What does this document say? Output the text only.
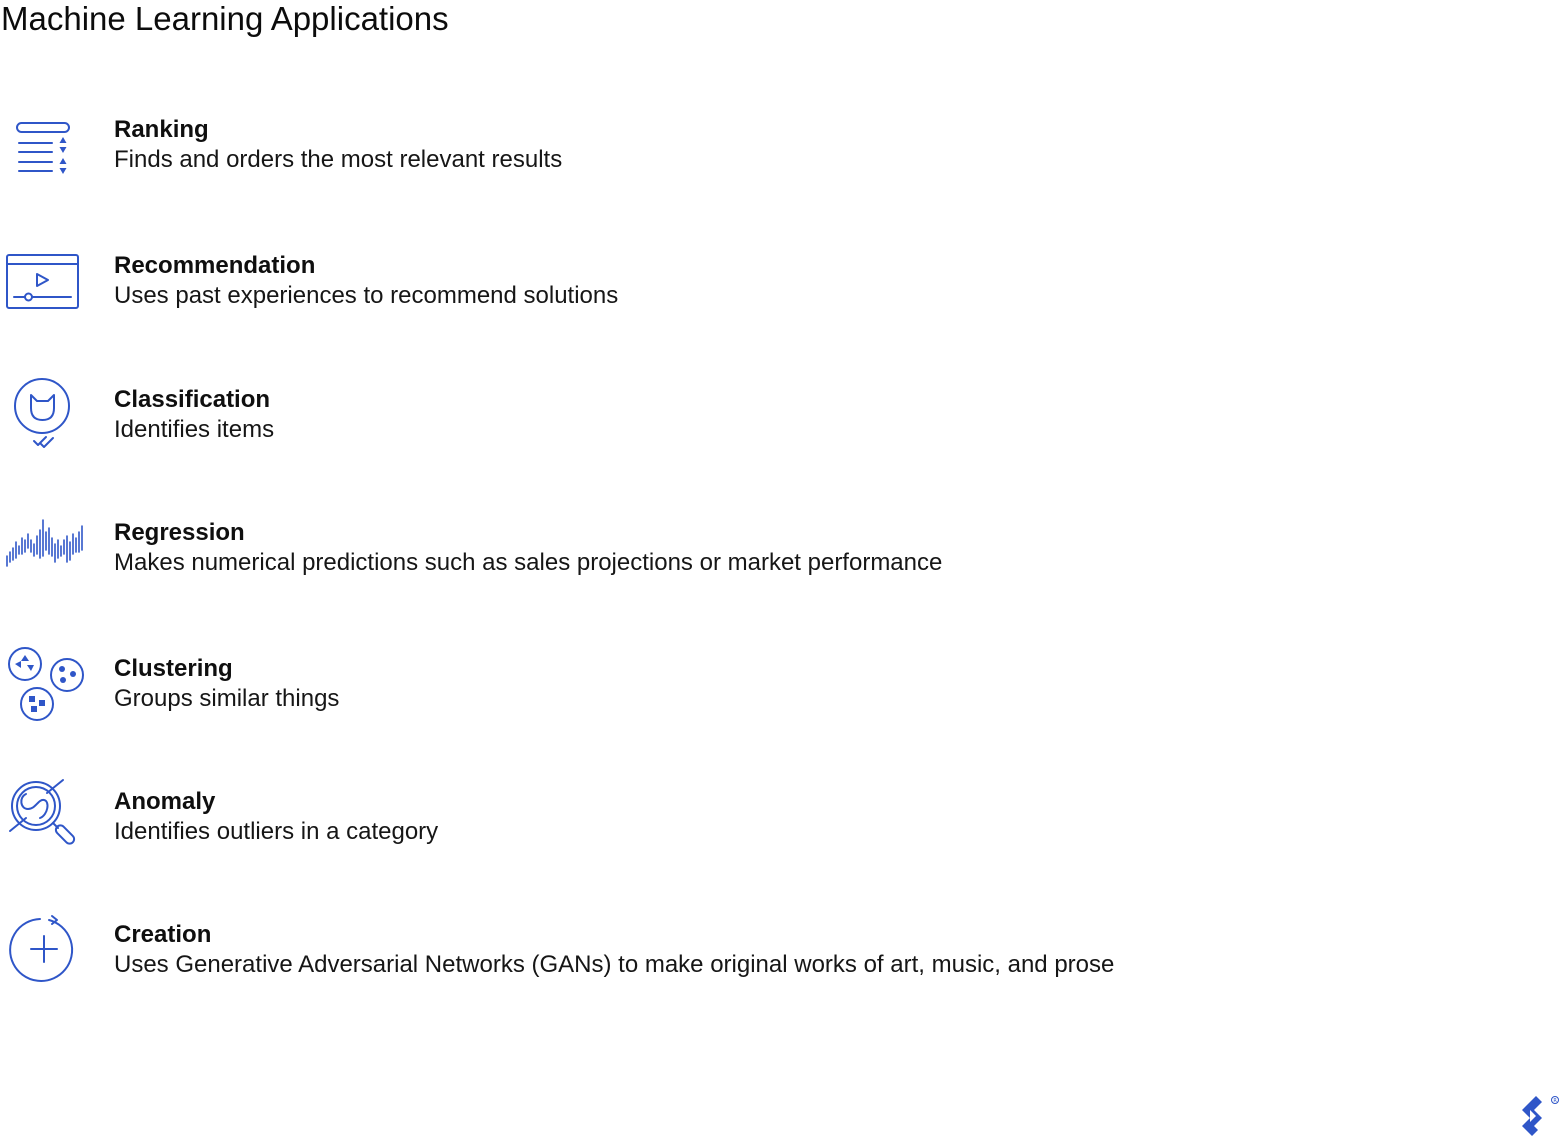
Machine Learning Applications
Ranking
Finds and orders the most relevant results
Recommendation
Uses past experiences to recommend solutions
Classification
Identifies items
Regression
Makes numerical predictions such as sales projections or market performance
Clustering
Groups similar things
Anomaly
Identifies outliers in a category
Creation
Uses Generative Adversarial Networks (GANs) to make original works of art, music, and prose
R
